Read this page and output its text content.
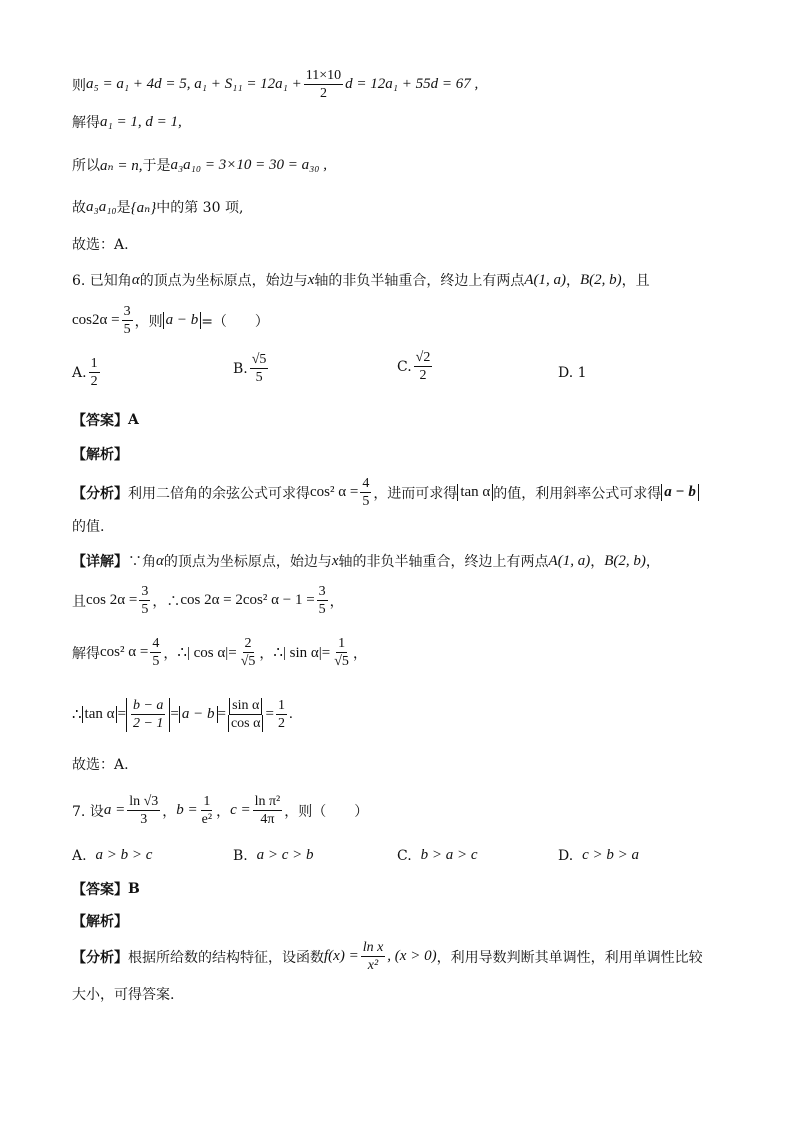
则 a₅ = a₁ + 4d = 5, $a_1 + S_{11} = 12a_1 + \frac{11\times 10}{2}$ d = 12a₁ + 55d = 67 ,
解得 a₁ = 1, d = 1,
所以 aₙ = n, 于是 a₃a₁₀ = 3×10 = 30 = a₃₀ ,
故 a₃a₁₀ 是 {aₙ} 中的第 30 项,
故选：A.
6. 已知角 α 的顶点为坐标原点，始边与 x 轴的非负半轴重合，终边上有两点 A(1, a) ， B(2, b) ，且
$\cos 2\alpha = \frac{3}{5}$ ，则 a − b =（　　）
A. $\frac{1}{2}$	B. $\frac{√5}{5}$	C. $\frac{√2}{2}$	D. 1
【答案】 A
【解析】
【分析】 利用二倍角的余弦公式可求得 cos² $\alpha = \frac{4}{5}$ ，进而可求得 tan α 的值，利用斜率公式可求得 a − b
的值.
【详解】 ∵角 α 的顶点为坐标原点，始边与 x 轴的非负半轴重合，终边上有两点 A(1, a) ， B(2, b) ，
且 $\cos 2\alpha = \frac{3}{5}$ ，∴ cos 2α = 2cos² $\alpha - 1 = \frac{3}{5}$ ，
解得 cos² $\alpha = \frac{4}{5}$ ， ∴| $\cos \alpha|= \frac{2}{√5}$ ， ∴| $\sin \alpha|= \frac{1}{√5}$ ，
∴ $\tan \alpha = \frac{b - a}{2 - 1} = a - b = \frac{\text{sin α}}{\text{cos α}} = \frac{1}{2}$ .
故选：A.
7. 设 $a = \frac{\ln √3}{3}$ ， $b = \frac{1}{\text{e²}}$ ， $c = \frac{\text{ln π²}}{4\pi}$ ，则（　　）
A.
a > b > c	B.
a > c > b	C.
b > a > c	D.
c > b > a
【答案】 B
【解析】
【分析】 根据所给数的结构特征，设函数 $f(x) = \frac{\text{ln x}}{\text{x²}}$ , (x > 0) ，利用导数判断其单调性，利用单调性比较
大小，可得答案.
